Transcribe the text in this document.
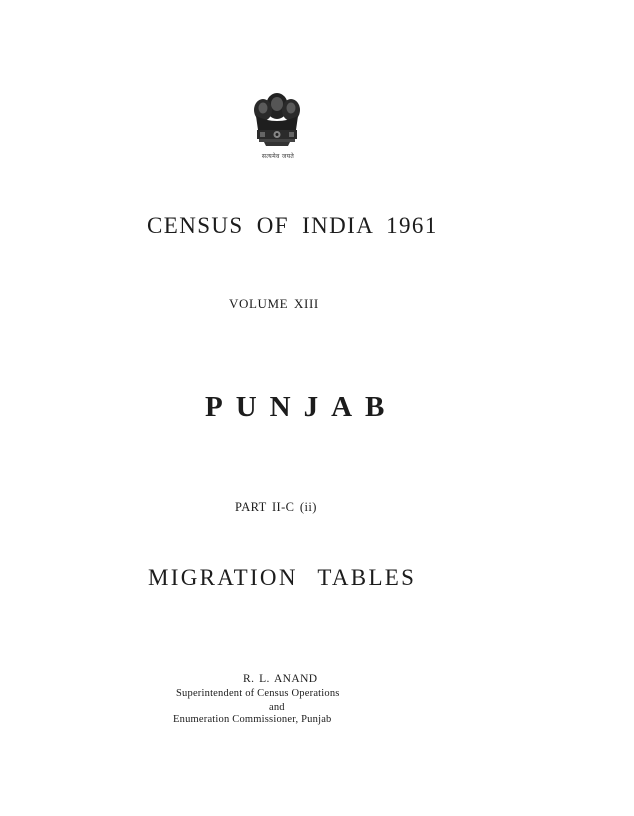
सत्यमेव जयते
CENSUS OF INDIA 1961
VOLUME XIII
PUNJAB
PART II-C (ii)
MIGRATION TABLES
R. L. ANAND
Superintendent of Census Operations
and
Enumeration Commissioner, Punjab
